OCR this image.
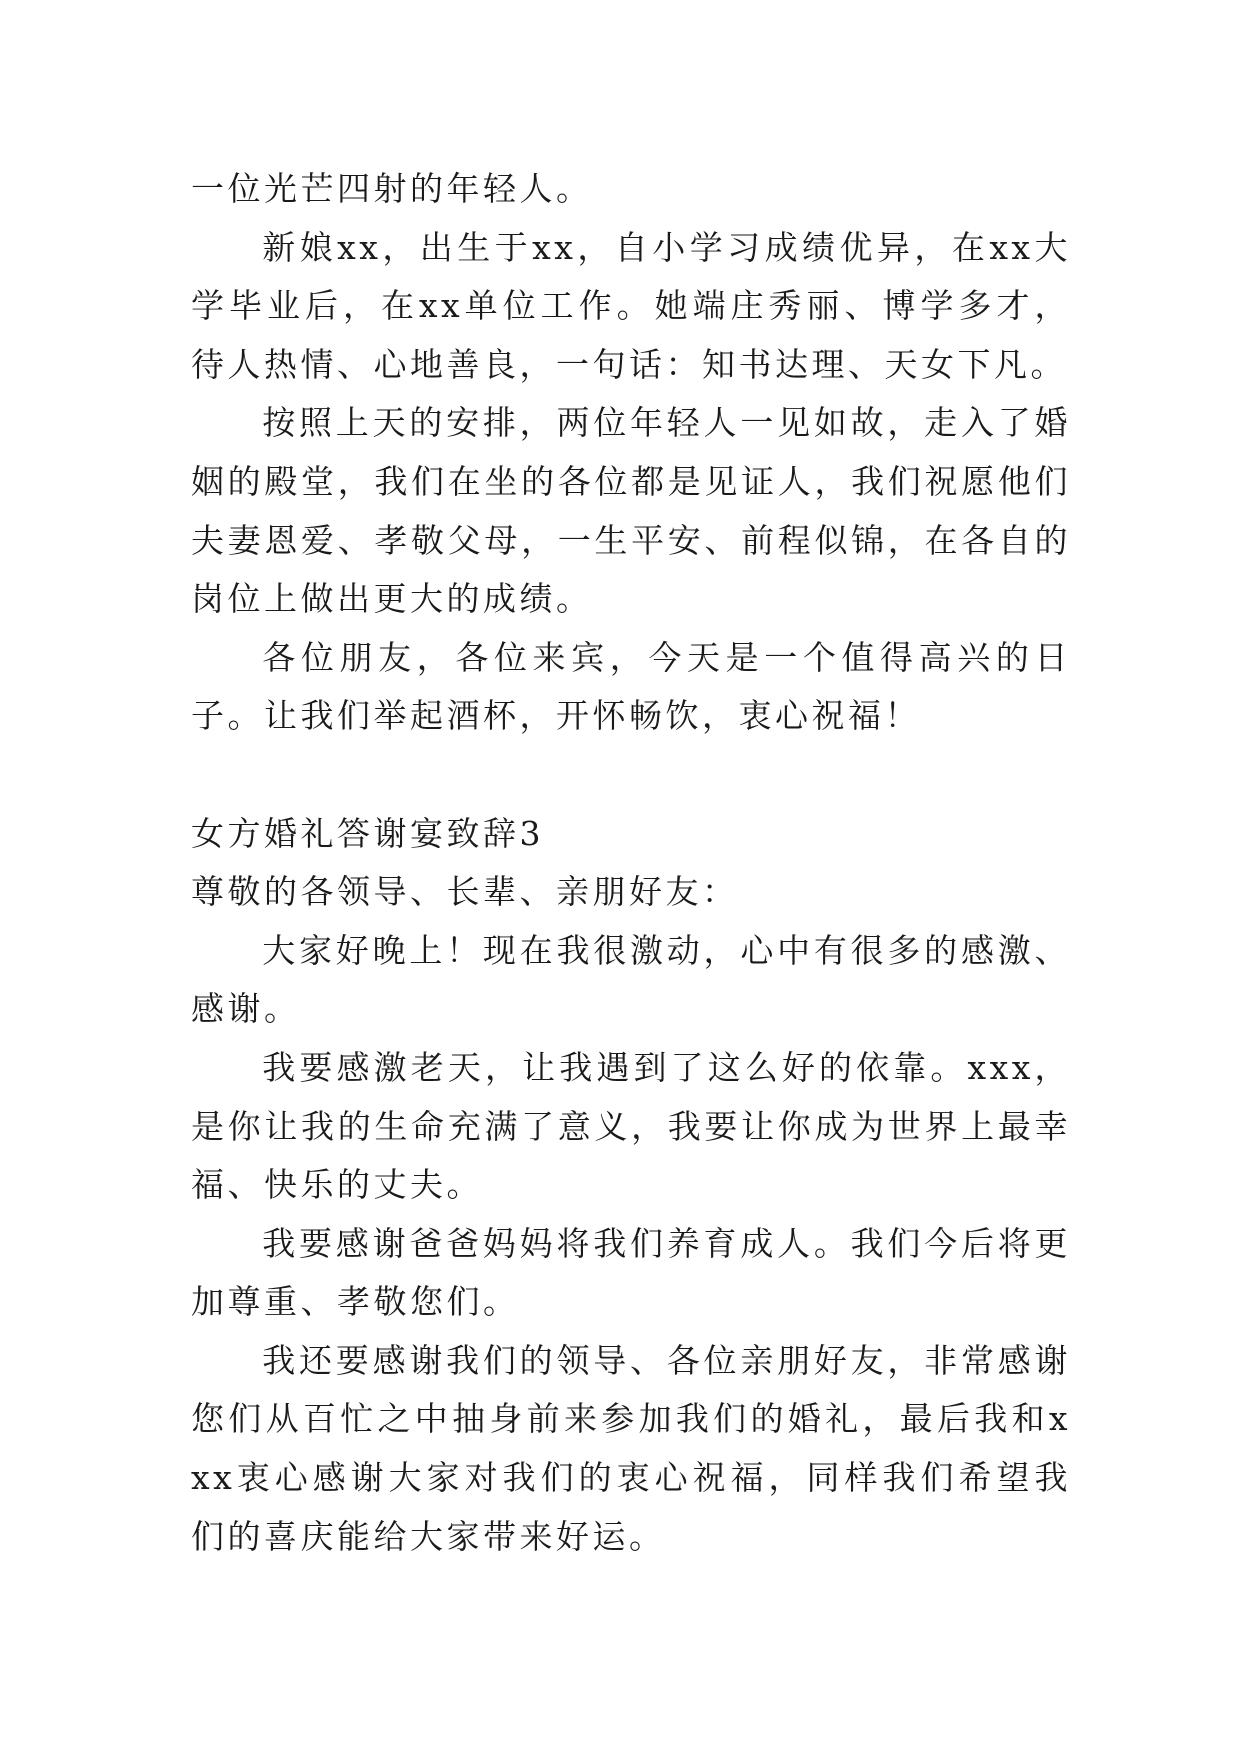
一位光芒四射的年轻人。

新娘xx，出生于xx，自小学习成绩优异，在xx大学毕业后，在xx单位工作。她端庄秀丽、博学多才，待人热情、心地善良，一句话：知书达理、天女下凡。

按照上天的安排，两位年轻人一见如故，走入了婚姻的殿堂，我们在坐的各位都是见证人，我们祝愿他们夫妻恩爱、孝敬父母，一生平安、前程似锦，在各自的岗位上做出更大的成绩。

各位朋友，各位来宾，今天是一个值得高兴的日子。让我们举起酒杯，开怀畅饮，衷心祝福！

女方婚礼答谢宴致辞3

尊敬的各领导、长辈、亲朋好友：

大家好晚上！现在我很激动，心中有很多的感激、感谢。

我要感激老天，让我遇到了这么好的依靠。xxx，是你让我的生命充满了意义，我要让你成为世界上最幸福、快乐的丈夫。

我要感谢爸爸妈妈将我们养育成人。我们今后将更加尊重、孝敬您们。

我还要感谢我们的领导、各位亲朋好友，非常感谢您们从百忙之中抽身前来参加我们的婚礼，最后我和xxx衷心感谢大家对我们的衷心祝福，同样我们希望我们的喜庆能给大家带来好运。
